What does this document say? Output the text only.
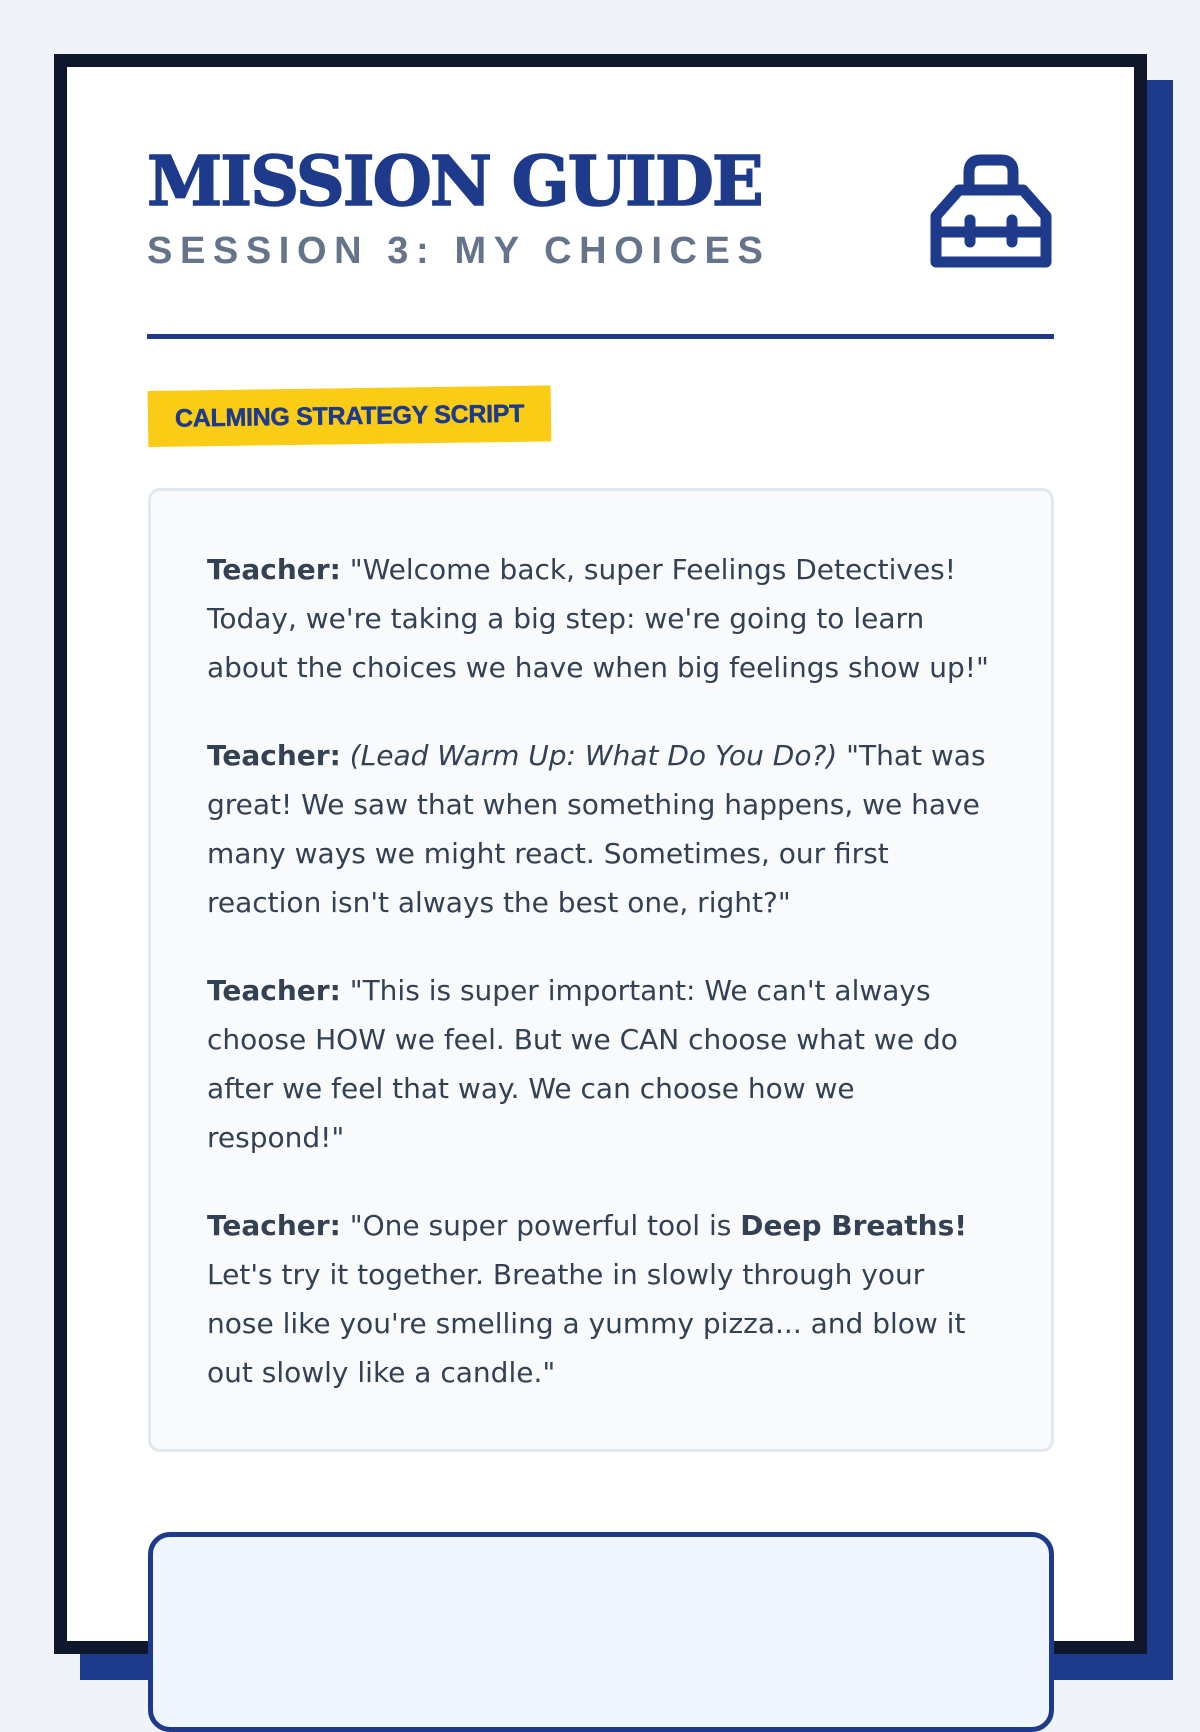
MISSION GUIDE
SESSION 3: MY CHOICES
CALMING STRATEGY SCRIPT

Teacher: "Welcome back, super Feelings Detectives! Today, we're taking a big step: we're going to learn about the choices we have when big feelings show up!"

Teacher: (Lead Warm Up: What Do You Do?) "That was great! We saw that when something happens, we have many ways we might react. Sometimes, our first reaction isn't always the best one, right?"

Teacher: "This is super important: We can't always choose HOW we feel. But we CAN choose what we do after we feel that way. We can choose how we respond!"

Teacher: "One super powerful tool is Deep Breaths! Let's try it together. Breathe in slowly through your nose like you're smelling a yummy pizza... and blow it out slowly like a candle."
